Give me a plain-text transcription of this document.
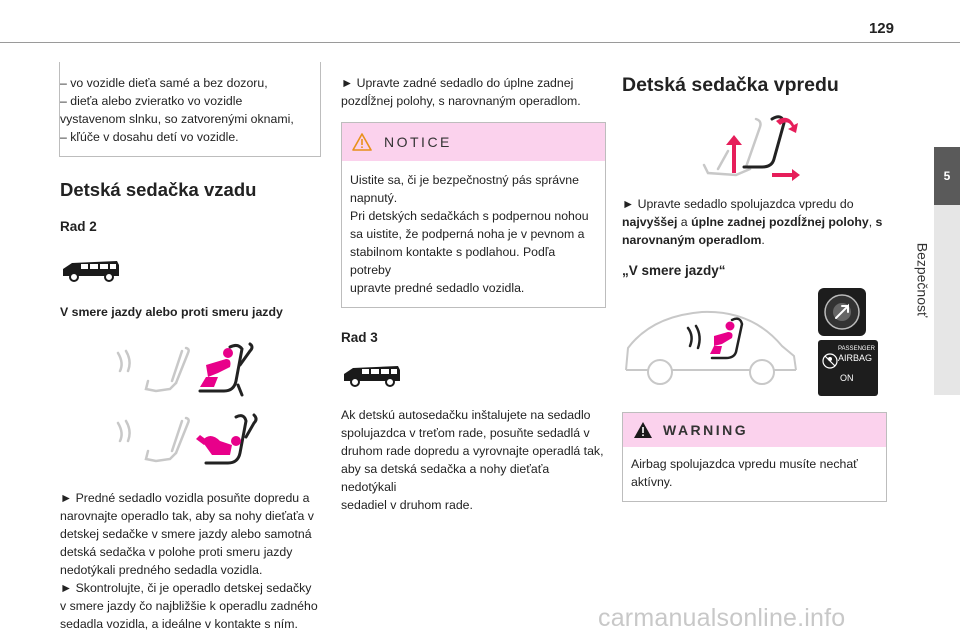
129
5
Bezpečnosť

– vo vozidle dieťa samé a bez dozoru,

– dieťa alebo zvieratko vo vozidle

vystavenom slnku, so zatvorenými oknami,

– kľúče v dosahu detí vo vozidle.

Detská sedačka vzadu
Rad 2

V smere jazdy alebo proti smeru jazdy

► Predné sedadlo vozidla posuňte dopredu a

narovnajte operadlo tak, aby sa nohy dieťaťa v

detskej sedačke v smere jazdy alebo samotná

detská sedačka v polohe proti smeru jazdy

nedotýkali predného sedadla vozidla.

► Skontrolujte, či je operadlo detskej sedačky

v smere jazdy čo najbližšie k operadlu zadného

sedadla vozidla, a ideálne v kontakte s ním.

► Upravte zadné sedadlo do úplne zadnej

pozdĺžnej polohy, s narovnaným operadlom.

NOTICE

Uistite sa, či je bezpečnostný pás správne

napnutý.

Pri detských sedačkách s podpernou nohou

sa uistite, že podperná noha je v pevnom a

stabilnom kontakte s podlahou. Podľa potreby

upravte predné sedadlo vozidla.

Rad 3

Ak detskú autosedačku inštalujete na sedadlo

spolujazdca v treťom rade, posuňte sedadlá v

druhom rade dopredu a vyrovnajte operadlá tak,

aby sa detská sedačka a nohy dieťaťa nedotýkali

sedadiel v druhom rade.

Detská sedačka vpredu

► Upravte sedadlo spolujazdca vpredu do

najvyššej a úplne zadnej pozdĺžnej polohy, s

narovnaným operadlom.

„V smere jazdy“
PASSENGER
AIRBAG
ON
WARNING

Airbag spolujazdca vpredu musíte nechať

aktívny.

carmanualsonline.info
